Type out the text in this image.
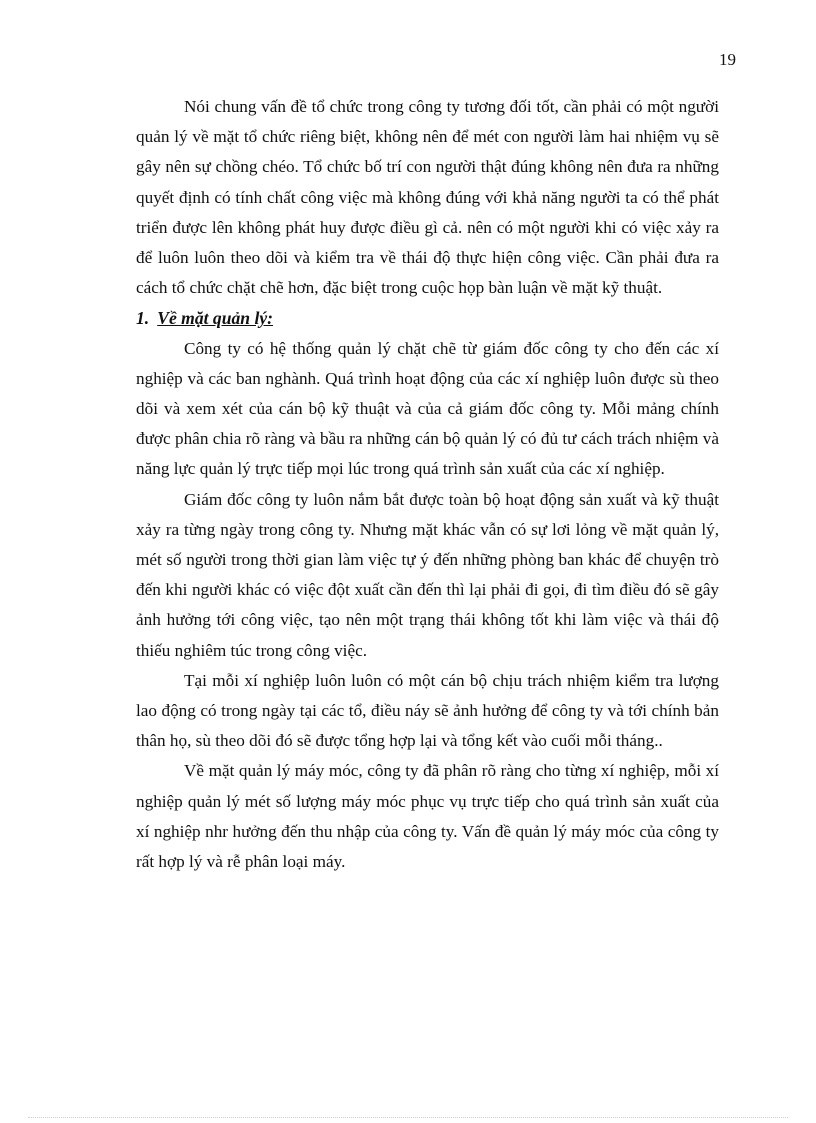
19

Nói chung vấn đề tổ chức trong công ty tương đối tốt, cần phải có một người quản lý về mặt tổ chức riêng biệt, không nên để mét con người làm hai nhiệm vụ sẽ gây nên sự chồng chéo. Tổ chức bố trí con người thật đúng không nên đưa ra những quyết định có tính chất công việc mà không đúng với khả năng người ta có thể phát triển được lên không phát huy được điều gì cả. nên có một người khi có việc xảy ra để luôn luôn theo dõi và kiểm tra về thái độ thực hiện công việc. Cần phải đưa ra cách tổ chức chặt chẽ hơn, đặc biệt trong cuộc họp bàn luận về mặt kỹ thuật.

1. Về mặt quản lý:

Công ty có hệ thống quản lý chặt chẽ từ giám đốc công ty cho đến các xí nghiệp và các ban nghành. Quá trình hoạt động của các xí nghiệp luôn được sù theo dõi và xem xét của cán bộ kỹ thuật và của cả giám đốc công ty. Mỗi mảng chính được phân chia rõ ràng và bầu ra những cán bộ quản lý có đủ tư cách trách nhiệm và năng lực quản lý trực tiếp mọi lúc trong quá trình sản xuất của các xí nghiệp.

Giám đốc công ty luôn nắm bắt được toàn bộ hoạt động sản xuất và kỹ thuật xảy ra từng ngày trong công ty. Nhưng mặt khác vẫn có sự lơi lỏng về mặt quản lý, mét số người trong thời gian làm việc tự ý đến những phòng ban khác để chuyện trò đến khi người khác có việc đột xuất cần đến thì lại phải đi gọi, đi tìm điều đó sẽ gây ảnh hưởng tới công việc, tạo nên một trạng thái không tốt khi làm việc và thái độ thiếu nghiêm túc trong công việc.

Tại mỗi xí nghiệp luôn luôn có một cán bộ chịu trách nhiệm kiểm tra lượng lao động có trong ngày tại các tổ, điều náy sẽ ảnh hưởng để công ty và tới chính bản thân họ, sù theo dõi đó sẽ được tổng hợp lại và tổng kết vào cuối mỗi tháng..

Về mặt quản lý máy móc, công ty đã phân rõ ràng cho từng xí nghiệp, mỗi xí nghiệp quản lý mét số lượng máy móc phục vụ trực tiếp cho quá trình sản xuất của xí nghiệp nhr hưởng đến thu nhập của công ty. Vấn đề quản lý máy móc của công ty rất hợp lý và rễ phân loại máy.
